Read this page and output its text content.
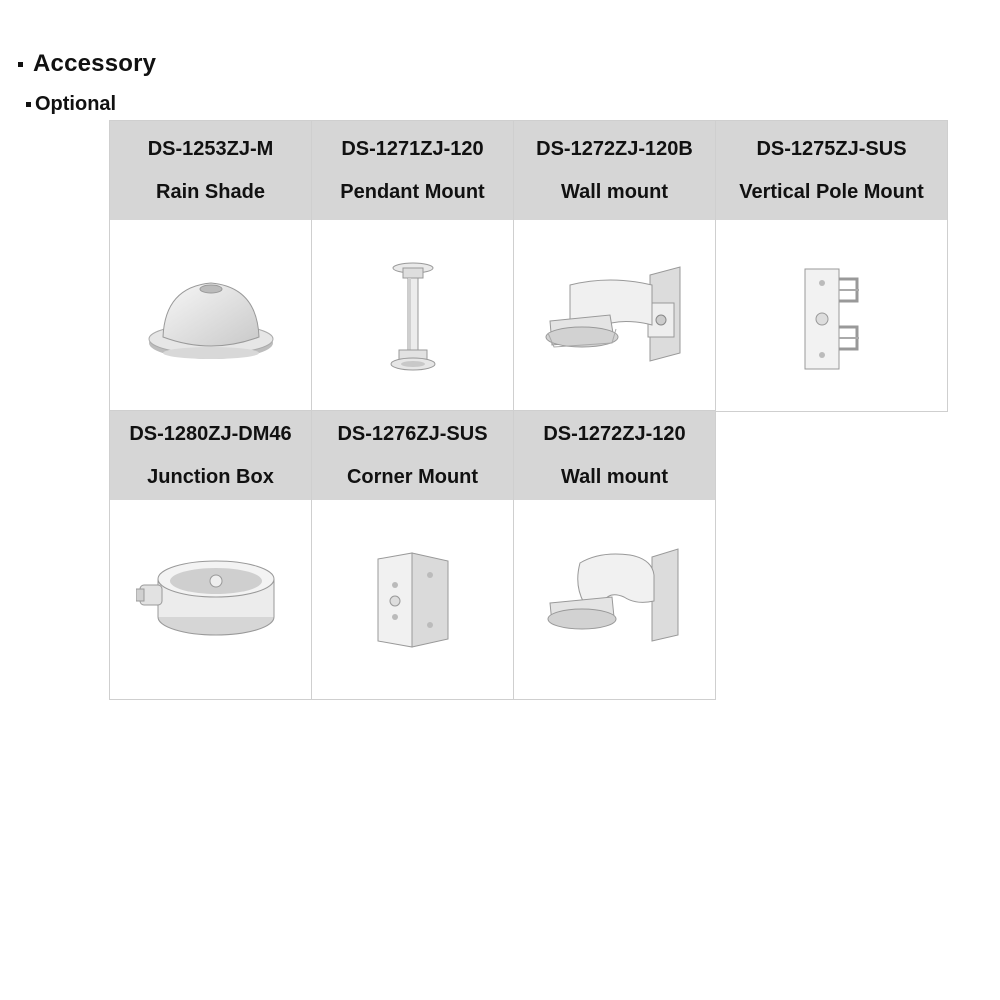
Accessory
Optional
DS-1253ZJ-M
Rain Shade
DS-1271ZJ-120
Pendant Mount
DS-1272ZJ-120B
Wall mount
DS-1275ZJ-SUS
Vertical Pole Mount
DS-1280ZJ-DM46
Junction Box
DS-1276ZJ-SUS
Corner Mount
DS-1272ZJ-120
Wall mount
